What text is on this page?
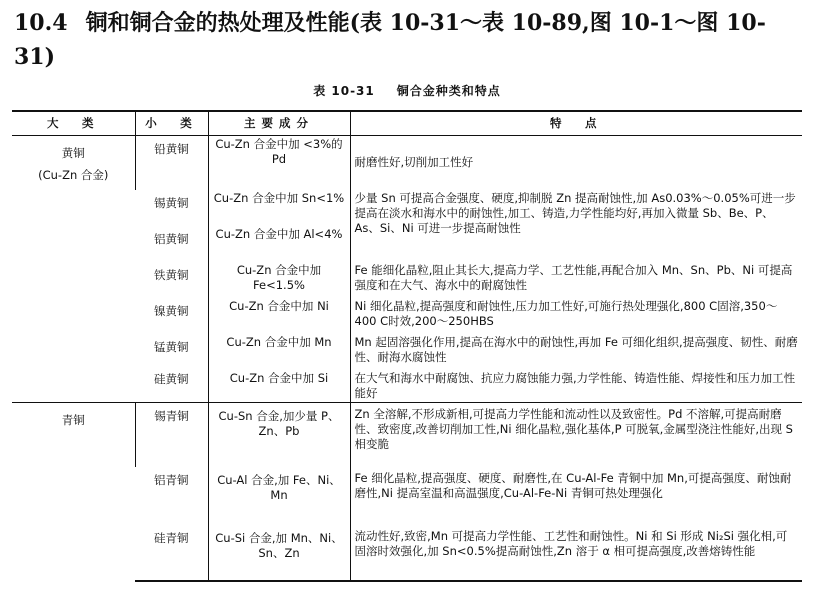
10.4 铜和铜合金的热处理及性能(表 10-31～表 10-89,图 10-1～图 10-31)
表 10-31 铜合金种类和特点
大　类	小　类	主要成分	特　点

黄铜
(Cu-Zn 合金)	铅黄铜	Cu-Zn 合金中加 <3%的 Pd	耐磨性好,切削加工性好
	锡黄铜	Cu-Zn 合金中加 Sn<1%	少量 Sn 可提高合金强度、硬度,抑制脱 Zn 提高耐蚀性,加 As0.03%～0.05%可进一步提高在淡水和海水中的耐蚀性,加工、铸造,力学性能均好,再加入微量 Sb、Be、P、As、Si、Ni 可进一步提高耐蚀性
	铝黄铜	Cu-Zn 合金中加 Al<4%	
	铁黄铜	Cu-Zn 合金中加 Fe<1.5%	Fe 能细化晶粒,阻止其长大,提高力学、工艺性能,再配合加入 Mn、Sn、Pb、Ni 可提高强度和在大气、海水中的耐腐蚀性
	镍黄铜	Cu-Zn 合金中加 Ni	Ni 细化晶粒,提高强度和耐蚀性,压力加工性好,可施行热处理强化,800 C固溶,350～400 C时效,200～250HBS
	锰黄铜	Cu-Zn 合金中加 Mn	Mn 起固溶强化作用,提高在海水中的耐蚀性,再加 Fe 可细化组织,提高强度、韧性、耐磨性、耐海水腐蚀性
	硅黄铜	Cu-Zn 合金中加 Si	在大气和海水中耐腐蚀、抗应力腐蚀能力强,力学性能、铸造性能、焊接性和压力加工性能好

青铜	锡青铜	Cu-Sn 合金,加少量 P、Zn、Pb	Zn 全溶解,不形成新相,可提高力学性能和流动性以及致密性。Pd 不溶解,可提高耐磨性、致密度,改善切削加工性,Ni 细化晶粒,强化基体,P 可脱氧,金属型浇注性能好,出现 S 相变脆
	铝青铜	Cu-Al 合金,加 Fe、Ni、Mn	Fe 细化晶粒,提高强度、硬度、耐磨性,在 Cu-Al-Fe 青铜中加 Mn,可提高强度、耐蚀耐磨性,Ni 提高室温和高温强度,Cu-Al-Fe-Ni 青铜可热处理强化
	硅青铜	Cu-Si 合金,加 Mn、Ni、Sn、Zn	流动性好,致密,Mn 可提高力学性能、工艺性和耐蚀性。Ni 和 Si 形成 Ni₂Si 强化相,可固溶时效强化,加 Sn<0.5%提高耐蚀性,Zn 溶于 α 相可提高强度,改善熔铸性能
